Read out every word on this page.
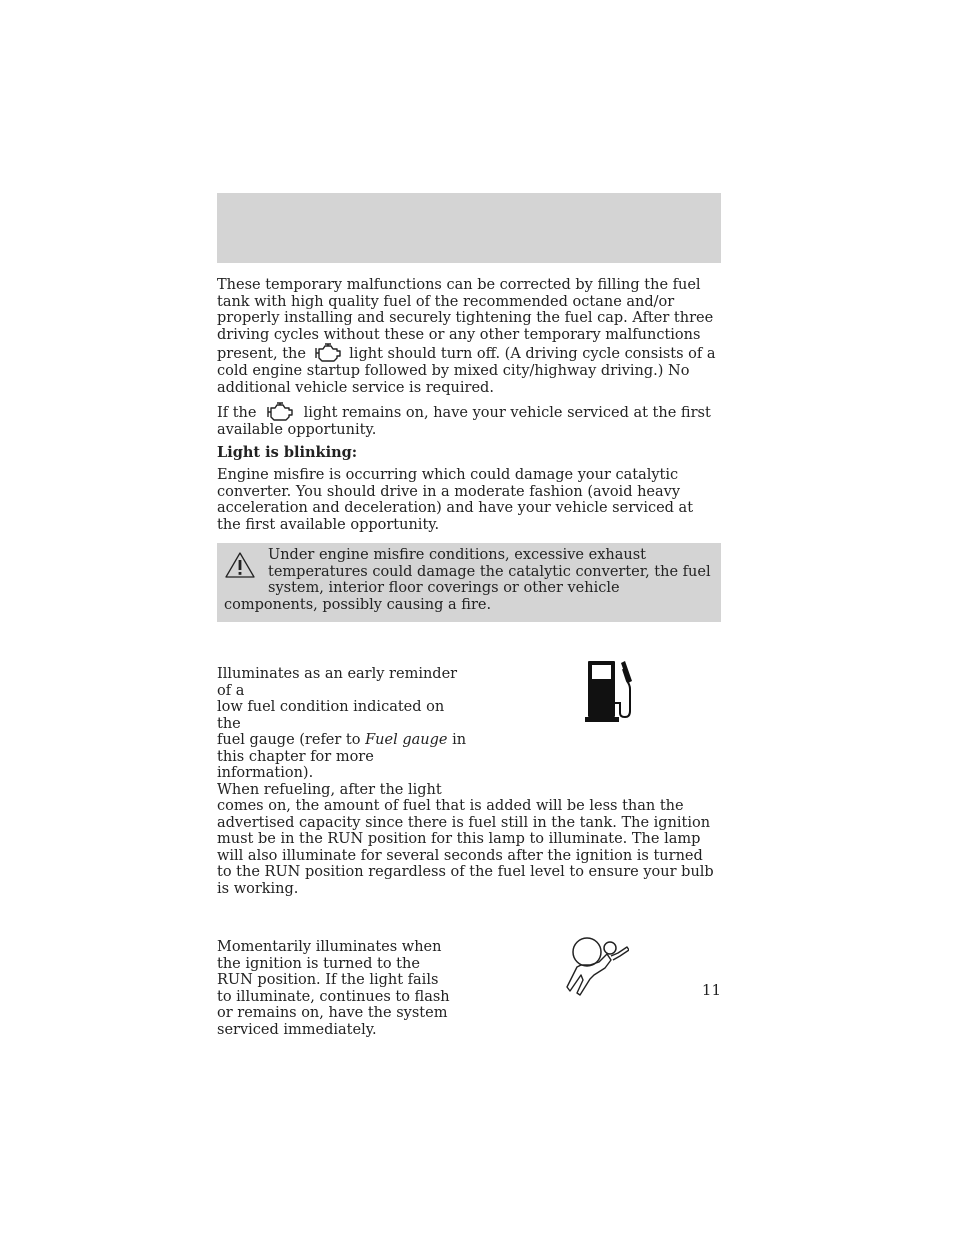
These temporary malfunctions can be corrected by filling the fuel tank with high quality fuel of the recommended octane and/or properly installing and securely tightening the fuel cap. After three driving cycles without these or any other temporary malfunctions present, the	light should turn off. (A driving cycle consists of a cold engine startup followed by mixed city/highway driving.) No additional vehicle service is required.

If the	light remains on, have your vehicle serviced at the first available opportunity.

Light is blinking:

Engine misfire is occurring which could damage your catalytic converter. You should drive in a moderate fashion (avoid heavy acceleration and deceleration) and have your vehicle serviced at the first available opportunity.

Under engine misfire conditions, excessive exhaust temperatures could damage the catalytic converter, the fuel system, interior floor coverings or other vehicle components, possibly causing a fire.
Illuminates as an early reminder of a
low fuel condition indicated on the
fuel gauge (refer to Fuel gauge in
this chapter for more information).
When refueling, after the light

comes on, the amount of fuel that is added will be less than the advertised capacity since there is fuel still in the tank. The ignition must be in the RUN position for this lamp to illuminate. The lamp will also illuminate for several seconds after the ignition is turned to the RUN position regardless of the fuel level to ensure your bulb is working.

Momentarily illuminates when the ignition is turned to the RUN position. If the light fails to illuminate, continues to flash or remains on, have the system serviced immediately.
11
